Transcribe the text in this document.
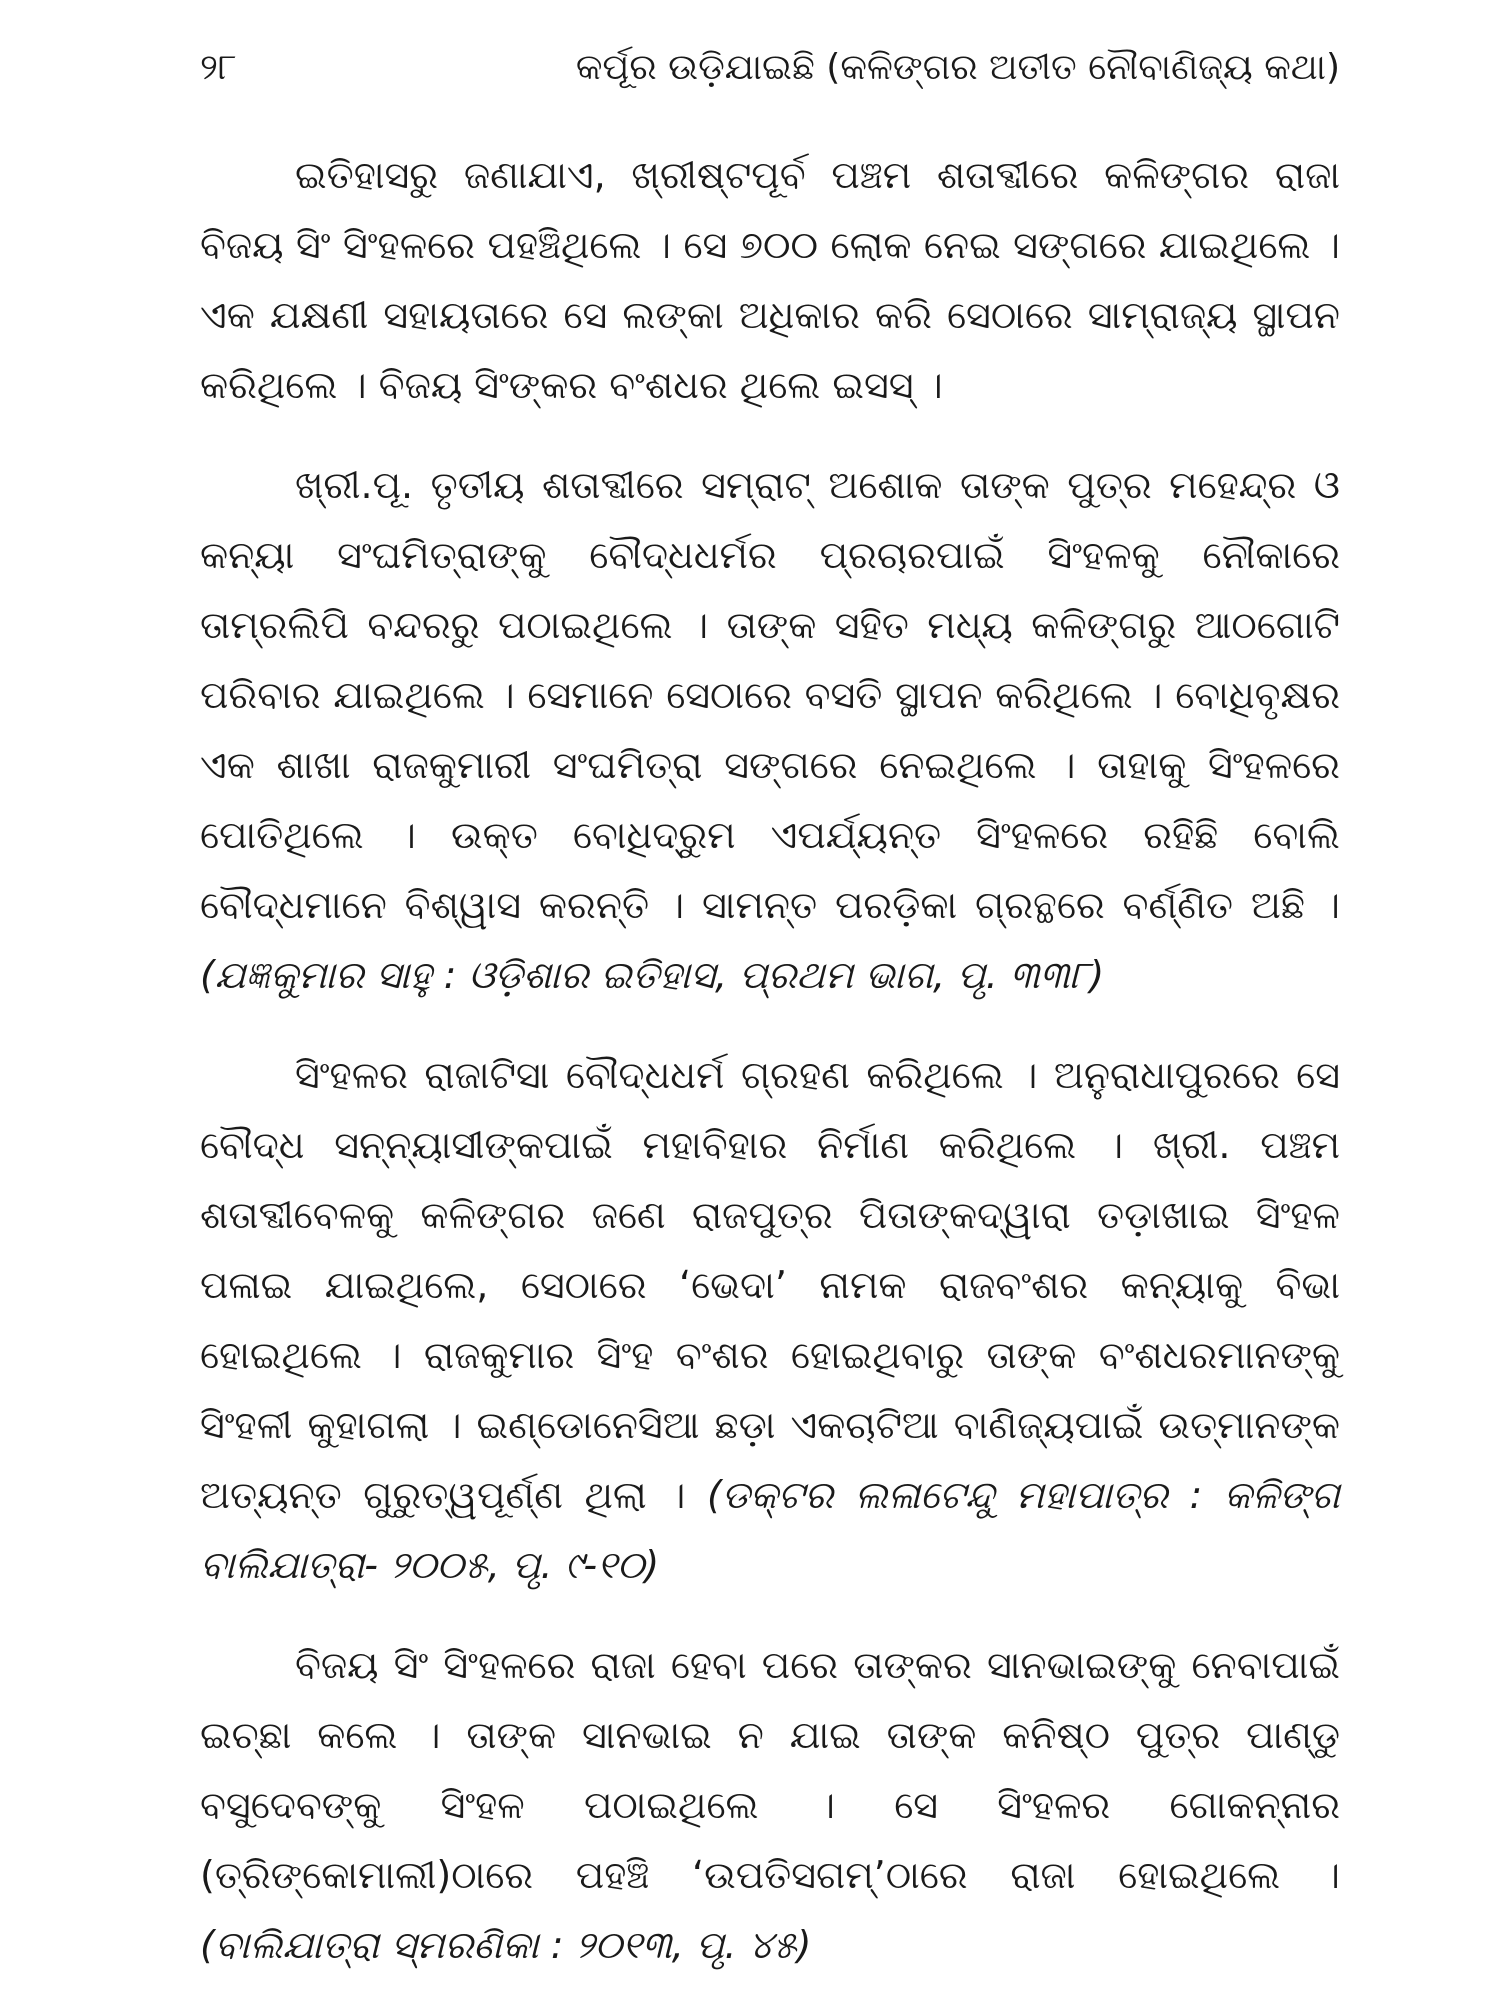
୨୮	କର୍ପୂର ଉଡ଼ିଯାଇଛି (କଳିଙ୍ଗର ଅତୀତ ନୌବାଣିଜ୍ୟ କଥା)

ଇତିହାସରୁ ଜଣାଯାଏ, ଖ୍ରୀଷ୍ଟପୂର୍ବ ପଞ୍ଚମ ଶତାବ୍ଦୀରେ କଳିଙ୍ଗର ରାଜା ବିଜୟ ସିଂ ସିଂହଳରେ ପହଞ୍ଚିଥିଲେ । ସେ ୭୦୦ ଲୋକ ନେଇ ସଙ୍ଗରେ ଯାଇଥିଲେ । ଏକ ଯକ୍ଷଣୀ ସହାୟତାରେ ସେ ଲଙ୍କା ଅଧିକାର କରି ସେଠାରେ ସାମ୍ରାଜ୍ୟ ସ୍ଥାପନ କରିଥିଲେ । ବିଜୟ ସିଂଙ୍କର ବଂଶଧର ଥିଲେ ଇସସ୍ ।

ଖ୍ରୀ.ପୂ. ତୃତୀୟ ଶତାବ୍ଦୀରେ ସମ୍ରାଟ୍ ଅଶୋକ ତାଙ୍କ ପୁତ୍ର ମହେନ୍ଦ୍ର ଓ କନ୍ୟା ସଂଘମିତ୍ରାଙ୍କୁ ବୌଦ୍ଧଧର୍ମର ପ୍ରଚାରପାଇଁ ସିଂହଳକୁ ନୌକାରେ ତାମ୍ରଲିପି ବନ୍ଦରରୁ ପଠାଇଥିଲେ । ତାଙ୍କ ସହିତ ମଧ୍ୟ କଳିଙ୍ଗରୁ ଆଠଗୋଟି ପରିବାର ଯାଇଥିଲେ । ସେମାନେ ସେଠାରେ ବସତି ସ୍ଥାପନ କରିଥିଲେ । ବୋଧିବୃକ୍ଷର ଏକ ଶାଖା ରାଜକୁମାରୀ ସଂଘମିତ୍ରା ସଙ୍ଗରେ ନେଇଥିଲେ । ତାହାକୁ ସିଂହଳରେ ପୋତିଥିଲେ । ଉକ୍ତ ବୋଧିଦ୍ରୁମ ଏପର୍ଯ୍ୟନ୍ତ ସିଂହଳରେ ରହିଛି ବୋଲି ବୌଦ୍ଧମାନେ ବିଶ୍ୱାସ କରନ୍ତି । ସାମନ୍ତ ପରଡ଼ିକା ଗ୍ରନ୍ଥରେ ବର୍ଣ୍ଣିତ ଅଛି । (ଯଜ୍ଞକୁମାର ସାହୁ : ଓଡ଼ିଶାର ଇତିହାସ, ପ୍ରଥମ ଭାଗ, ପୃ. ୩୩୮)

ସିଂହଳର ରାଜାଟିସା ବୌଦ୍ଧଧର୍ମ ଗ୍ରହଣ କରିଥିଲେ । ଅନୁରାଧାପୁରରେ ସେ ବୌଦ୍ଧ ସନ୍ନ୍ୟାସୀଙ୍କପାଇଁ ମହାବିହାର ନିର୍ମାଣ କରିଥିଲେ । ଖ୍ରୀ. ପଞ୍ଚମ ଶତାବ୍ଦୀବେଳକୁ କଳିଙ୍ଗର ଜଣେ ରାଜପୁତ୍ର ପିତାଙ୍କଦ୍ୱାରା ତଡ଼ାଖାଇ ସିଂହଳ ପଳାଇ ଯାଇଥିଲେ, ସେଠାରେ ‘ଭେଦା’ ନାମକ ରାଜବଂଶର କନ୍ୟାକୁ ବିଭା ହୋଇଥିଲେ । ରାଜକୁମାର ସିଂହ ବଂଶର ହୋଇଥିବାରୁ ତାଙ୍କ ବଂଶଧରମାନଙ୍କୁ ସିଂହଳୀ କୁହାଗଲା । ଇଣ୍ଡୋନେସିଆ ଛଡ଼ା ଏକଚାଟିଆ ବାଣିଜ୍ୟପାଇଁ ଉତ୍ମାନଙ୍କ ଅତ୍ୟନ୍ତ ଗୁରୁତ୍ୱପୂର୍ଣ୍ଣ ଥିଲା । (ଡକ୍ଟର ଲଳାଟେନ୍ଦୁ ମହାପାତ୍ର : କଳିଙ୍ଗ ବାଲିଯାତ୍ରା- ୨୦୦୫, ପୃ. ୯-୧୦)

ବିଜୟ ସିଂ ସିଂହଳରେ ରାଜା ହେବା ପରେ ତାଙ୍କର ସାନଭାଇଙ୍କୁ ନେବାପାଇଁ ଇଚ୍ଛା କଲେ । ତାଙ୍କ ସାନଭାଇ ନ ଯାଇ ତାଙ୍କ କନିଷ୍ଠ ପୁତ୍ର ପାଣ୍ଡୁ ବସୁଦେବଙ୍କୁ ସିଂହଳ ପଠାଇଥିଲେ । ସେ ସିଂହଳର ଗୋକନ୍ନାର (ତ୍ରିଙ୍କୋମାଲୀ)ଠାରେ ପହଞ୍ଚି ‘ଉପତିସଗମ୍’ଠାରେ ରାଜା ହୋଇଥିଲେ । (ବାଲିଯାତ୍ରା ସ୍ମରଣିକା : ୨୦୧୩, ପୃ. ୪୫)
